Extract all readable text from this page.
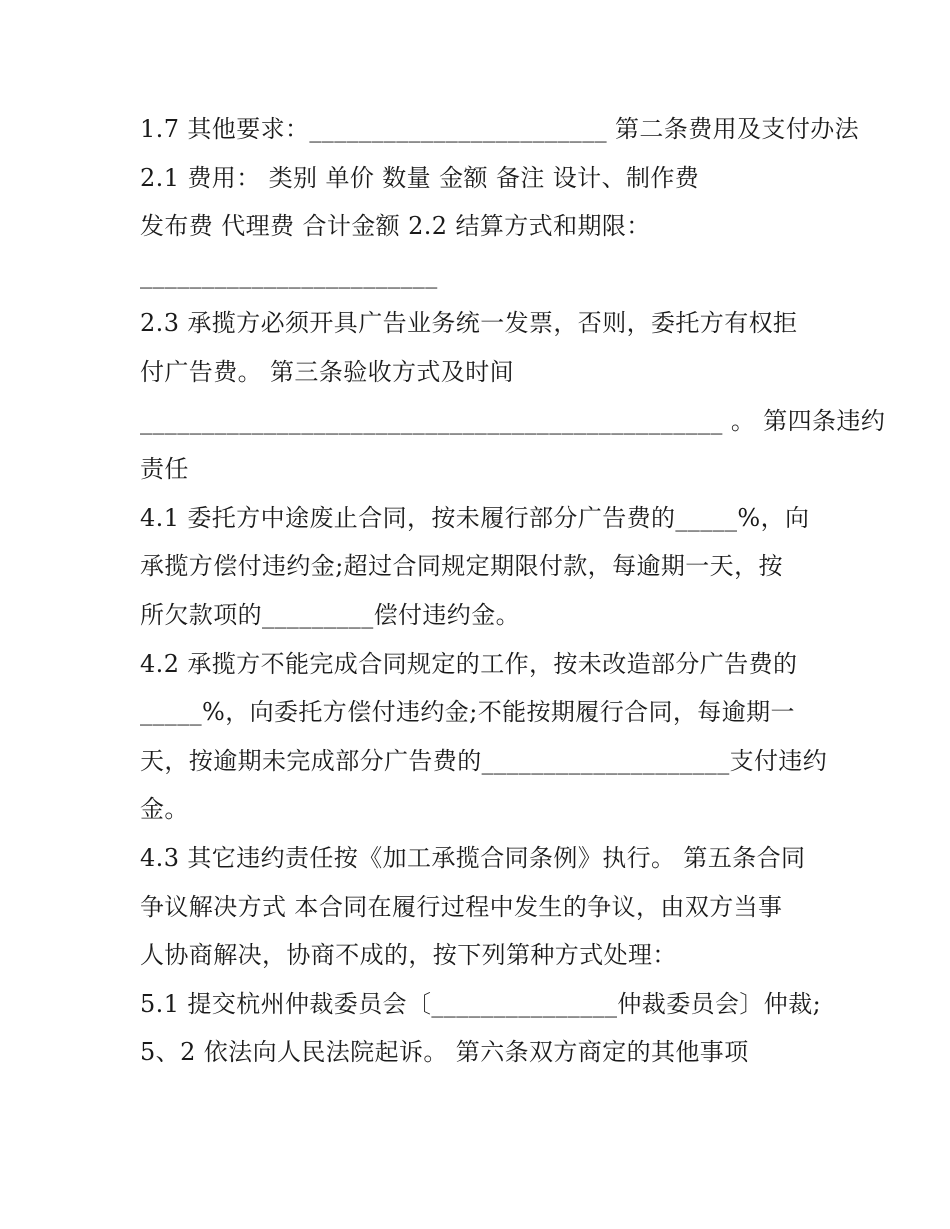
1.7 其他要求：________________________ 第二条费用及支付办法
2.1 费用： 类别 单价 数量 金额 备注 设计、制作费
发布费 代理费 合计金额 2.2 结算方式和期限：
________________________
2.3 承揽方必须开具广告业务统一发票，否则，委托方有权拒
付广告费。 第三条验收方式及时间
_______________________________________________ 。 第四条违约
责任
4.1 委托方中途废止合同，按未履行部分广告费的_____%，向
承揽方偿付违约金;超过合同规定期限付款，每逾期一天，按
所欠款项的_________偿付违约金。
4.2 承揽方不能完成合同规定的工作，按未改造部分广告费的
_____%，向委托方偿付违约金;不能按期履行合同，每逾期一
天，按逾期未完成部分广告费的____________________支付违约
金。
4.3 其它违约责任按《加工承揽合同条例》执行。 第五条合同
争议解决方式 本合同在履行过程中发生的争议，由双方当事
人协商解决，协商不成的，按下列第种方式处理：
5.1 提交杭州仲裁委员会〔_______________仲裁委员会〕仲裁;
5、2 依法向人民法院起诉。 第六条双方商定的其他事项
